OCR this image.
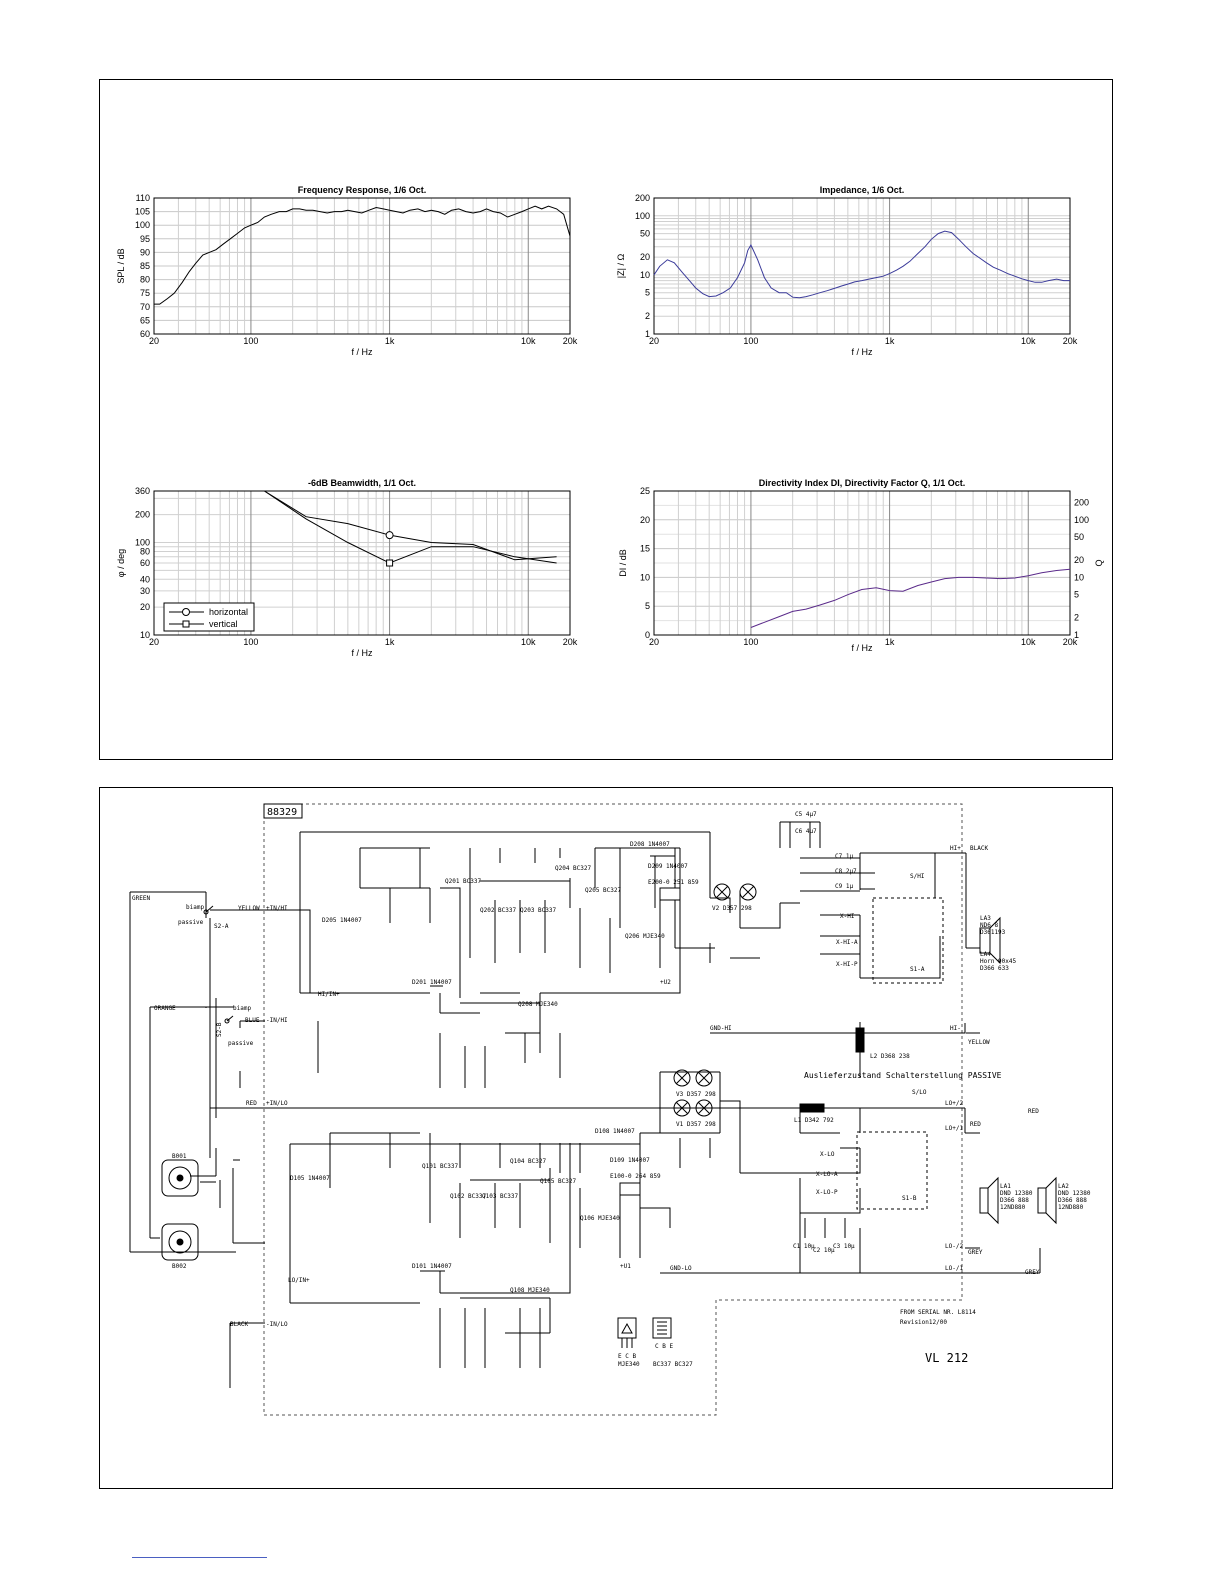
110
105
100
95
90
85
80
75
70
65
60
20	100	1k	10k	20k
Frequency Response, 1/6 Oct.
SPL / dB
f / Hz
200
100
50
20
10
5
2
1
20	100	1k	10k	20k
Impedance, 1/6 Oct.
|Z| / Ω
f / Hz
360
200
100
80
60
40
30
20
10
20	100	1k	10k	20k
-6dB Beamwidth, 1/1 Oct.
φ / deg
f / Hz
horizontal
vertical
25
20
15
10
5
0
200
100
50
20
10
5
2
1
20	100	1k	10k	20k
Directivity Index DI, Directivity Factor Q, 1/1 Oct.
DI / dB	Q
f / Hz
88329
GREEN
ORANGE
YELLOW
BLUE
RED
BLACK
+IN/HI
-IN/HI
+IN/LO
-IN/LO
S2-A
biamp
passive
S2-B
biamp
passive
B001
B002
MJE340
E C B
BC337 BC327
C B E
HI/IN+
LO/IN+
S/HI
S/LO
HI+
HI-
LO+/2
LO+/1
LO-/2
LO-/1
GND-HI
GND-LO
X-HI
X-HI-A
X-HI-P
X-LO
X-LO-A
X-LO-P
+U2
+U1
S1-A
S1-B
BLACK
YELLOW
RED
RED
GREY
GREY
V2 D357 298
V1 D357 298
V3 D357 298
L1 D342 792
L2 D368 238
E200-0 251 859
E100-0 264 859
Q201 BC337
Q202 BC337 Q203 BC337
Q204 BC327
Q205 BC327
Q206 MJE340
Q208 MJE340
Q101 BC337
Q102 BC337
Q103 BC337
Q104 BC327
Q105 BC327
Q106 MJE340
Q108 MJE340
D201 1N4007
D208 1N4007
D209 1N4007
D205 1N4007
D101 1N4007
D108 1N4007
D109 1N4007
D105 1N4007
C5 4µ7
C6 4µ7
C7 1µ
C8 2µ7
C9 1µ
C1 10µ
C2 10µ
C3 10µ
LA3
ND6-8
D361193
LA4
Horn 90x45
D366 633
LA1
DND 12380
D366 888
12ND880
LA2
DND 12380
D366 888
12ND880
Auslieferzustand Schalterstellung PASSIVE
FROM SERIAL NR. L8114
Revision12/00
VL 212
